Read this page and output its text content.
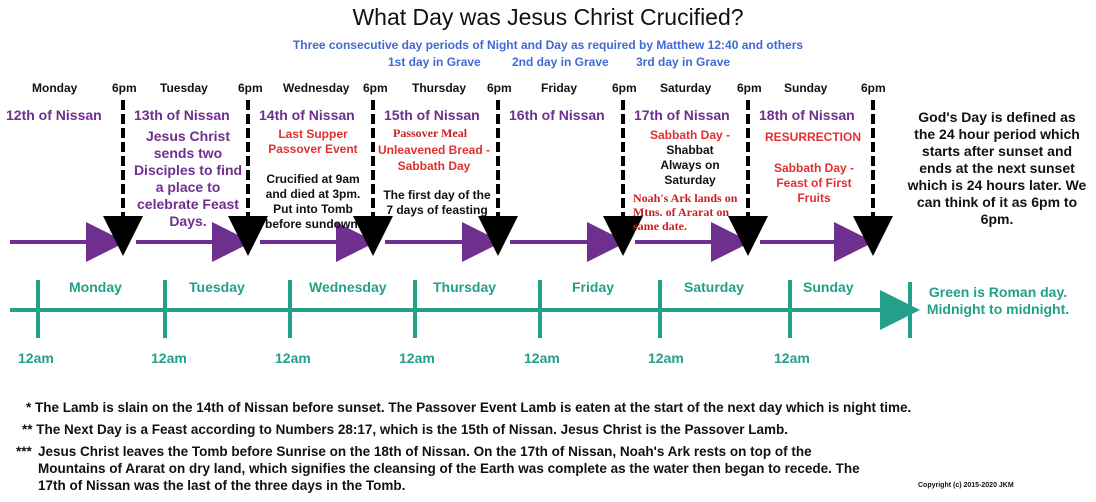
What Day was Jesus Christ Crucified?
Three consecutive day periods of Night and Day as required by Matthew 12:40 and others
1st day in Grave	2nd day in Grave	3rd day in Grave
Monday	Tuesday	Wednesday	Thursday	Friday	Saturday	Sunday
6pm	6pm	6pm	6pm	6pm	6pm	6pm
12th of Nissan 13th of Nissan 14th of Nissan 15th of Nissan 16th of Nissan 17th of Nissan 18th of Nissan
Jesus Christ sends two Disciples to find a place to celebrate Feast Days.
Last Supper Passover Event
Crucified at 9am and died at 3pm. Put into Tomb before sundown.
Passover Meal
Unleavened Bread - Sabbath Day
The first day of the 7 days of feasting
Sabbath Day -
Shabbat Always on Saturday
Noah's Ark lands on Mtns. of Ararat on same date.
RESURRECTION
Sabbath Day - Feast of First Fruits
God's Day is defined as the 24 hour period which starts after sunset and ends at the next sunset which is 24 hours later. We can think of it as 6pm to 6pm.
Monday	Tuesday	Wednesday	Thursday	Friday	Saturday	Sunday
12am	12am	12am	12am	12am	12am	12am
Green is Roman day. Midnight to midnight.
* The Lamb is slain on the 14th of Nissan before sunset. The Passover Event Lamb is eaten at the start of the next day which is night time.
** The Next Day is a Feast according to Numbers 28:17, which is the 15th of Nissan. Jesus Christ is the Passover Lamb.
*** Jesus Christ leaves the Tomb before Sunrise on the 18th of Nissan. On the 17th of Nissan, Noah's Ark rests on top of the Mountains of Ararat on dry land, which signifies the cleansing of the Earth was complete as the water then began to recede. The 17th of Nissan was the last of the three days in the Tomb.	Copyright (c) 2015-2020 JKM
